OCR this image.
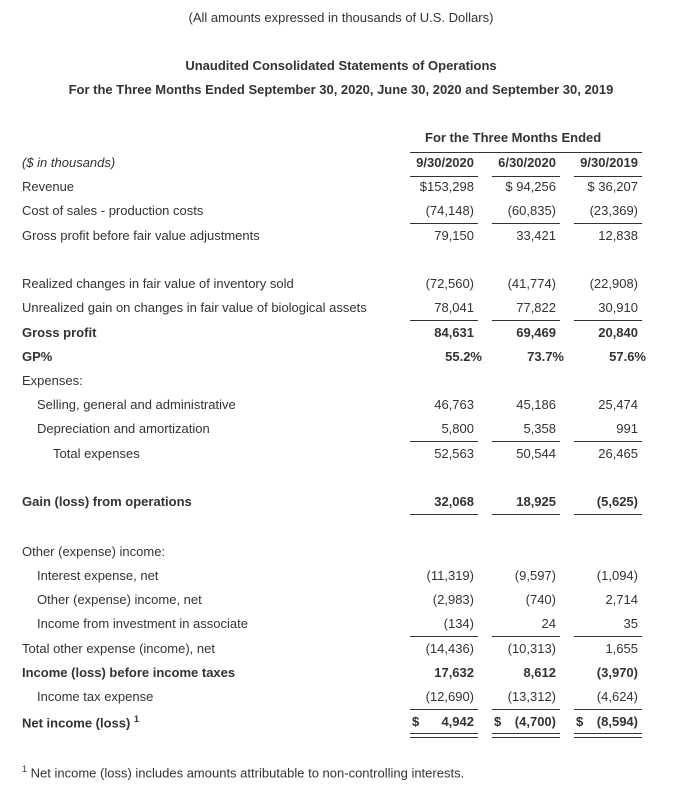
(All amounts expressed in thousands of U.S. Dollars)
Unaudited Consolidated Statements of Operations
For the Three Months Ended September 30, 2020, June 30, 2020 and September 30, 2019
For the Three Months Ended
($ in thousands)	9/30/2020 6/30/2020 9/30/2019
Revenue	$153,298 $ 94,256 $ 36,207
Cost of sales - production costs	(74,148)	(60,835)	(23,369)
Gross profit before fair value adjustments	79,150	33,421	12,838
Realized changes in fair value of inventory sold	(72,560)	(41,774)	(22,908)
Unrealized gain on changes in fair value of biological assets	78,041	77,822	30,910
Gross profit	84,631	69,469	20,840
GP%	55.2%	73.7%	57.6%
Expenses:
Selling, general and administrative	46,763	45,186	25,474
Depreciation and amortization	5,800	5,358	991
Total expenses	52,563	50,544	26,465
Gain (loss) from operations	32,068	18,925	(5,625)
Other (expense) income:
Interest expense, net	(11,319)	(9,597)	(1,094)
Other (expense) income, net	(2,983)	(740)	2,714
Income from investment in associate	(134)	24	35
Total other expense (income), net	(14,436)	(10,313)	1,655
Income (loss) before income taxes	17,632	8,612	(3,970)
Income tax expense	(12,690)	(13,312)	(4,624)
Net income (loss) $^1$	$ 4,942 $ (4,700) $ (8,594)
$^1$ Net income (loss) includes amounts attributable to non-controlling interests.
